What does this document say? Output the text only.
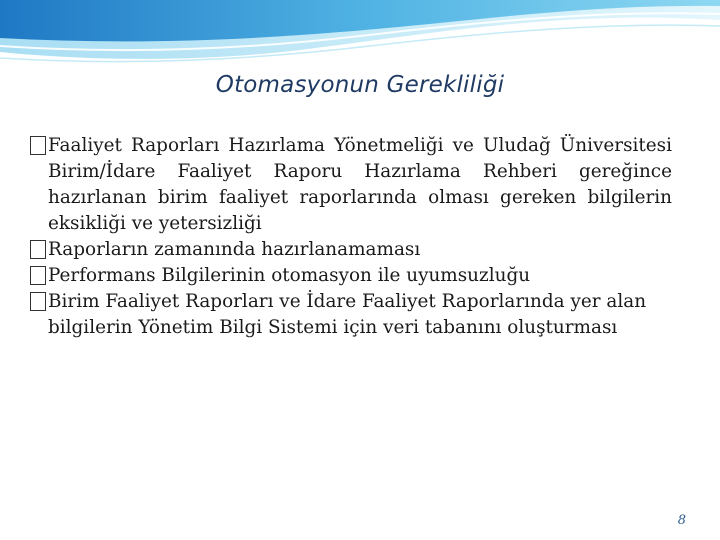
Otomasyonun Gerekliliği
Faaliyet Raporları Hazırlama Yönetmeliği ve Uludağ Üniversitesi Birim/İdare Faaliyet Raporu Hazırlama Rehberi gereğince hazırlanan birim faaliyet raporlarında olması gereken bilgilerin eksikliği ve yetersizliği
Raporların zamanında hazırlanamaması
Performans Bilgilerinin otomasyon ile uyumsuzluğu
Birim Faaliyet Raporları ve İdare Faaliyet Raporlarında yer alan bilgilerin Yönetim Bilgi Sistemi için veri tabanını oluşturması
8
